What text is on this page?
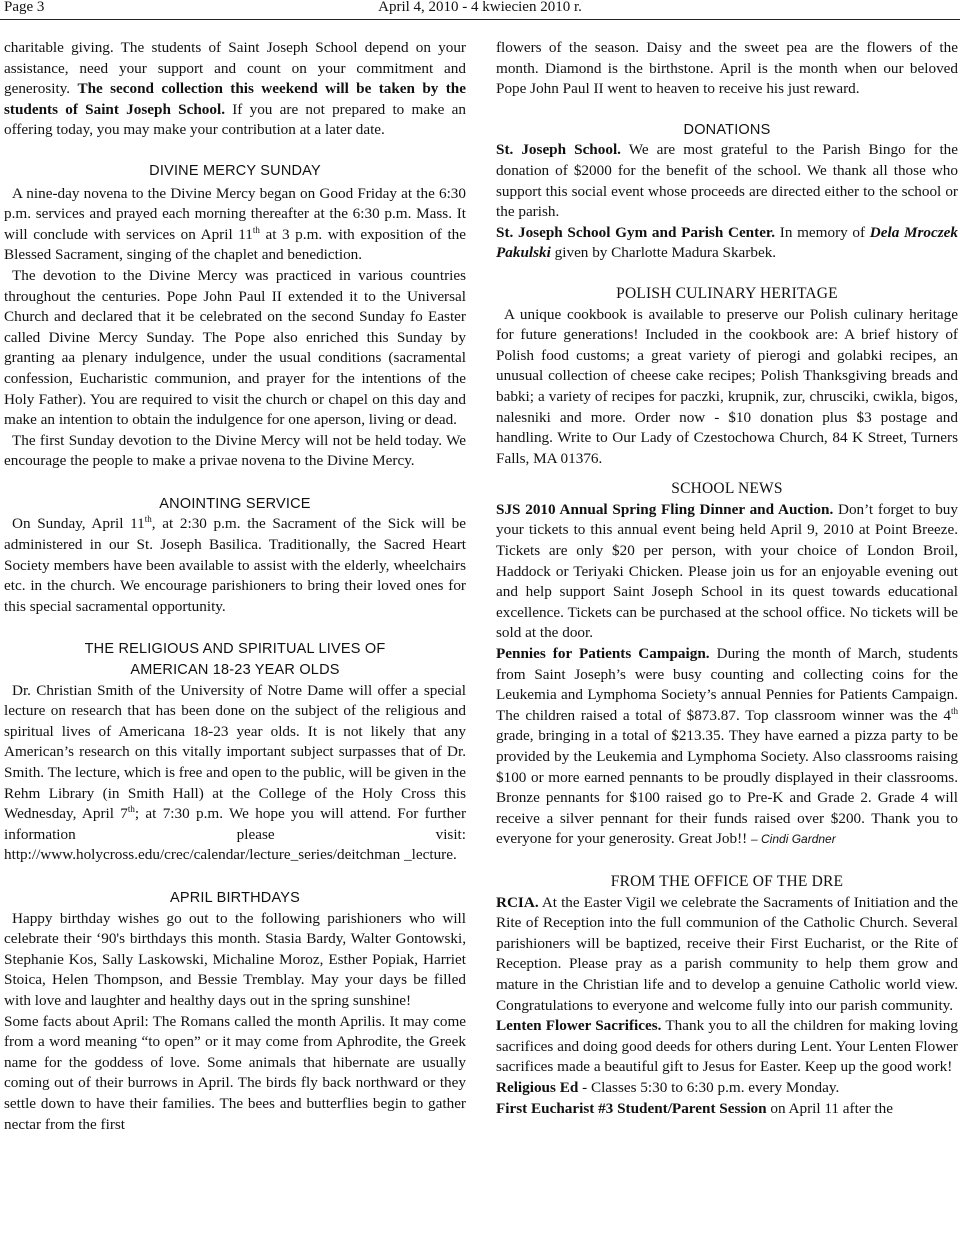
Page 3	April 4, 2010 - 4 kwiecien 2010 r.

charitable giving. The students of Saint Joseph School depend on your assistance, need your support and count on your commitment and generosity. The second collection this weekend will be taken by the students of Saint Joseph School. If you are not prepared to make an offering today, you may make your contribution at a later date.

DIVINE MERCY SUNDAY

A nine-day novena to the Divine Mercy began on Good Friday at the 6:30 p.m. services and prayed each morning thereafter at the 6:30 p.m. Mass. It will conclude with services on April 11th at 3 p.m. with exposition of the Blessed Sacrament, singing of the chaplet and benediction.

The devotion to the Divine Mercy was practiced in various countries throughout the centuries. Pope John Paul II extended it to the Universal Church and declared that it be celebrated on the second Sunday fo Easter called Divine Mercy Sunday. The Pope also enriched this Sunday by granting aa plenary indulgence, under the usual conditions (sacramental confession, Eucharistic communion, and prayer for the intentions of the Holy Father). You are required to visit the church or chapel on this day and make an intention to obtain the indulgence for one aperson, living or dead.

The first Sunday devotion to the Divine Mercy will not be held today. We encourage the people to make a privae novena to the Divine Mercy.

ANOINTING SERVICE

On Sunday, April 11th, at 2:30 p.m. the Sacrament of the Sick will be administered in our St. Joseph Basilica. Traditionally, the Sacred Heart Society members have been available to assist with the elderly, wheelchairs etc. in the church. We encourage parishioners to bring their loved ones for this special sacramental opportunity.

THE RELIGIOUS AND SPIRITUAL LIVES OF

AMERICAN 18-23 YEAR OLDS

Dr. Christian Smith of the University of Notre Dame will offer a special lecture on research that has been done on the subject of the religious and spiritual lives of Americana 18-23 year olds. It is not likely that any American’s research on this vitally important subject surpasses that of Dr. Smith. The lecture, which is free and open to the public, will be given in the Rehm Library (in Smith Hall) at the College of the Holy Cross this Wednesday, April 7th; at 7:30 p.m. We hope you will attend. For further information please visit: http://www.holycross.edu/crec/calendar/lecture_series/deitchman _lecture.

APRIL BIRTHDAYS

Happy birthday wishes go out to the following parishioners who will celebrate their ‘90's birthdays this month. Stasia Bardy, Walter Gontowski, Stephanie Kos, Sally Laskowski, Michaline Moroz, Esther Popiak, Harriet Stoica, Helen Thompson, and Bessie Tremblay. May your days be filled with love and laughter and healthy days out in the spring sunshine!

Some facts about April: The Romans called the month Aprilis. It may come from a word meaning “to open” or it may come from Aphrodite, the Greek name for the goddess of love. Some animals that hibernate are usually coming out of their burrows in April. The birds fly back northward or they settle down to have their families. The bees and butterflies begin to gather nectar from the first

flowers of the season. Daisy and the sweet pea are the flowers of the month. Diamond is the birthstone. April is the month when our beloved Pope John Paul II went to heaven to receive his just reward.

DONATIONS

St. Joseph School. We are most grateful to the Parish Bingo for the donation of $2000 for the benefit of the school. We thank all those who support this social event whose proceeds are directed either to the school or the parish.

St. Joseph School Gym and Parish Center. In memory of Dela Mroczek Pakulski given by Charlotte Madura Skarbek.

POLISH CULINARY HERITAGE

A unique cookbook is available to preserve our Polish culinary heritage for future generations! Included in the cookbook are: A brief history of Polish food customs; a great variety of pierogi and golabki recipes, an unusual collection of cheese cake recipes; Polish Thanksgiving breads and babki; a variety of recipes for paczki, krupnik, zur, chrusciki, cwikla, bigos, nalesniki and more. Order now - $10 donation plus $3 postage and handling. Write to Our Lady of Czestochowa Church, 84 K Street, Turners Falls, MA 01376.

SCHOOL NEWS

SJS 2010 Annual Spring Fling Dinner and Auction. Don’t forget to buy your tickets to this annual event being held April 9, 2010 at Point Breeze. Tickets are only $20 per person, with your choice of London Broil, Haddock or Teriyaki Chicken. Please join us for an enjoyable evening out and help support Saint Joseph School in its quest towards educational excellence. Tickets can be purchased at the school office. No tickets will be sold at the door.

Pennies for Patients Campaign. During the month of March, students from Saint Joseph’s were busy counting and collecting coins for the Leukemia and Lymphoma Society’s annual Pennies for Patients Campaign. The children raised a total of $873.87. Top classroom winner was the 4th grade, bringing in a total of $213.35. They have earned a pizza party to be provided by the Leukemia and Lymphoma Society. Also classrooms raising $100 or more earned pennants to be proudly displayed in their classrooms. Bronze pennants for $100 raised go to Pre-K and Grade 2. Grade 4 will receive a silver pennant for their funds raised over $200. Thank you to everyone for your generosity. Great Job!! – Cindi Gardner

FROM THE OFFICE OF THE DRE

RCIA. At the Easter Vigil we celebrate the Sacraments of Initiation and the Rite of Reception into the full communion of the Catholic Church. Several parishioners will be baptized, receive their First Eucharist, or the Rite of Reception. Please pray as a parish community to help them grow and mature in the Christian life and to develop a genuine Catholic world view. Congratulations to everyone and welcome fully into our parish community.

Lenten Flower Sacrifices. Thank you to all the children for making loving sacrifices and doing good deeds for others during Lent. Your Lenten Flower sacrifices made a beautiful gift to Jesus for Easter. Keep up the good work!

Religious Ed - Classes 5:30 to 6:30 p.m. every Monday.

First Eucharist #3 Student/Parent Session on April 11 after the
